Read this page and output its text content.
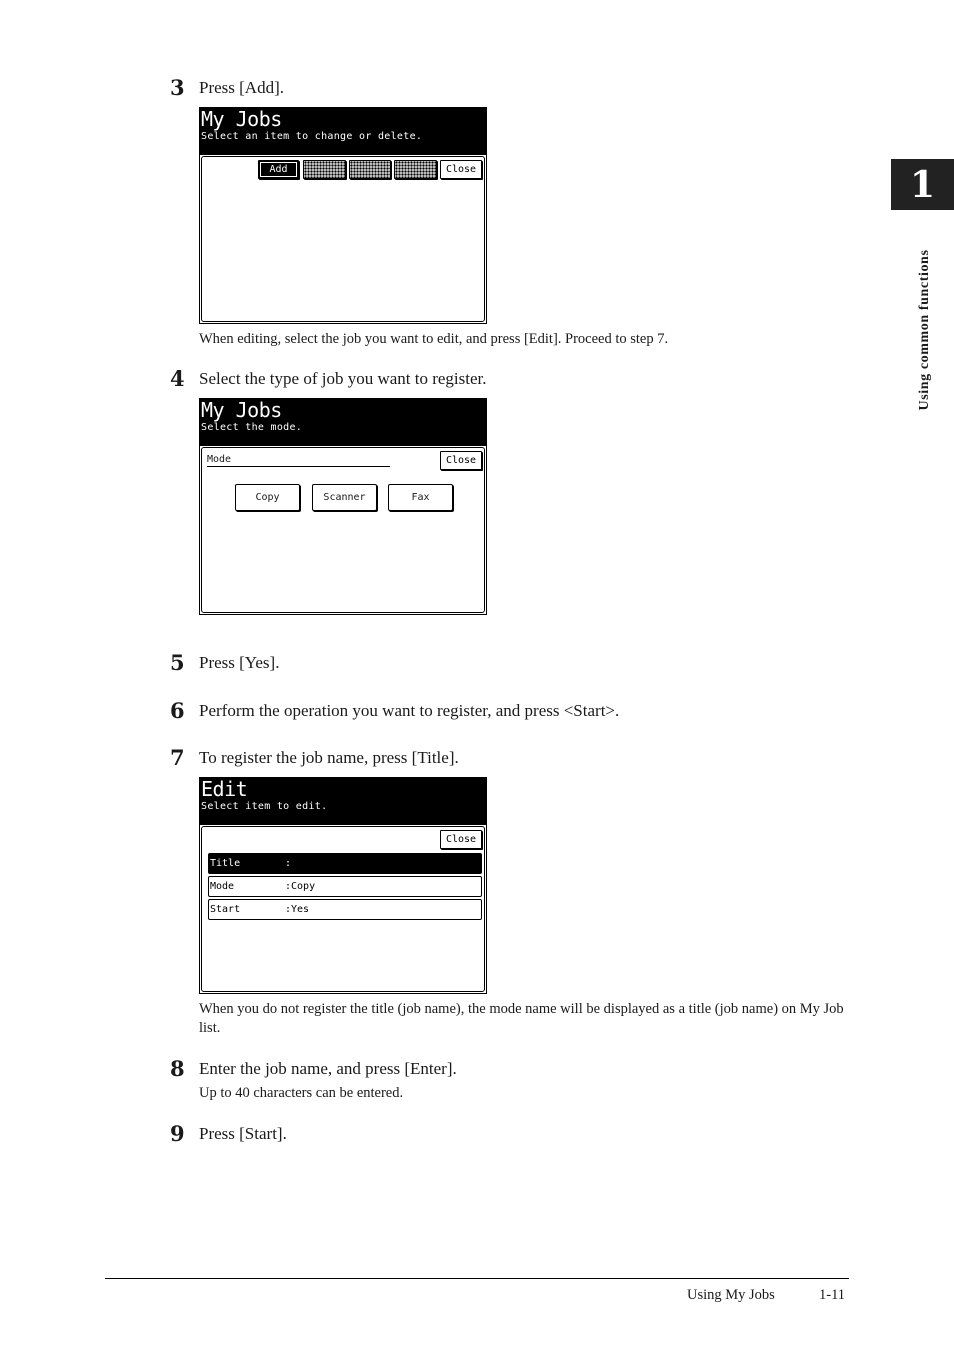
1
Using common functions
3 Press [Add].
My Jobs
Select an item to change or delete.
Add	Close
When editing, select the job you want to edit, and press [Edit]. Proceed to step 7.
4 Select the type of job you want to register.
My Jobs
Select the mode.
Mode	Close
Copy	Scanner	Fax
5 Press [Yes].
6 Perform the operation you want to register, and press <Start>.
7 To register the job name, press [Title].
Edit
Select item to edit.
Close
Title	:
Mode	:Copy
Start	:Yes
When you do not register the title (job name), the mode name will be displayed as a title (job name) on My Job list.
8 Enter the job name, and press [Enter].
Up to 40 characters can be entered.
9 Press [Start].
Using My Jobs	1-11
